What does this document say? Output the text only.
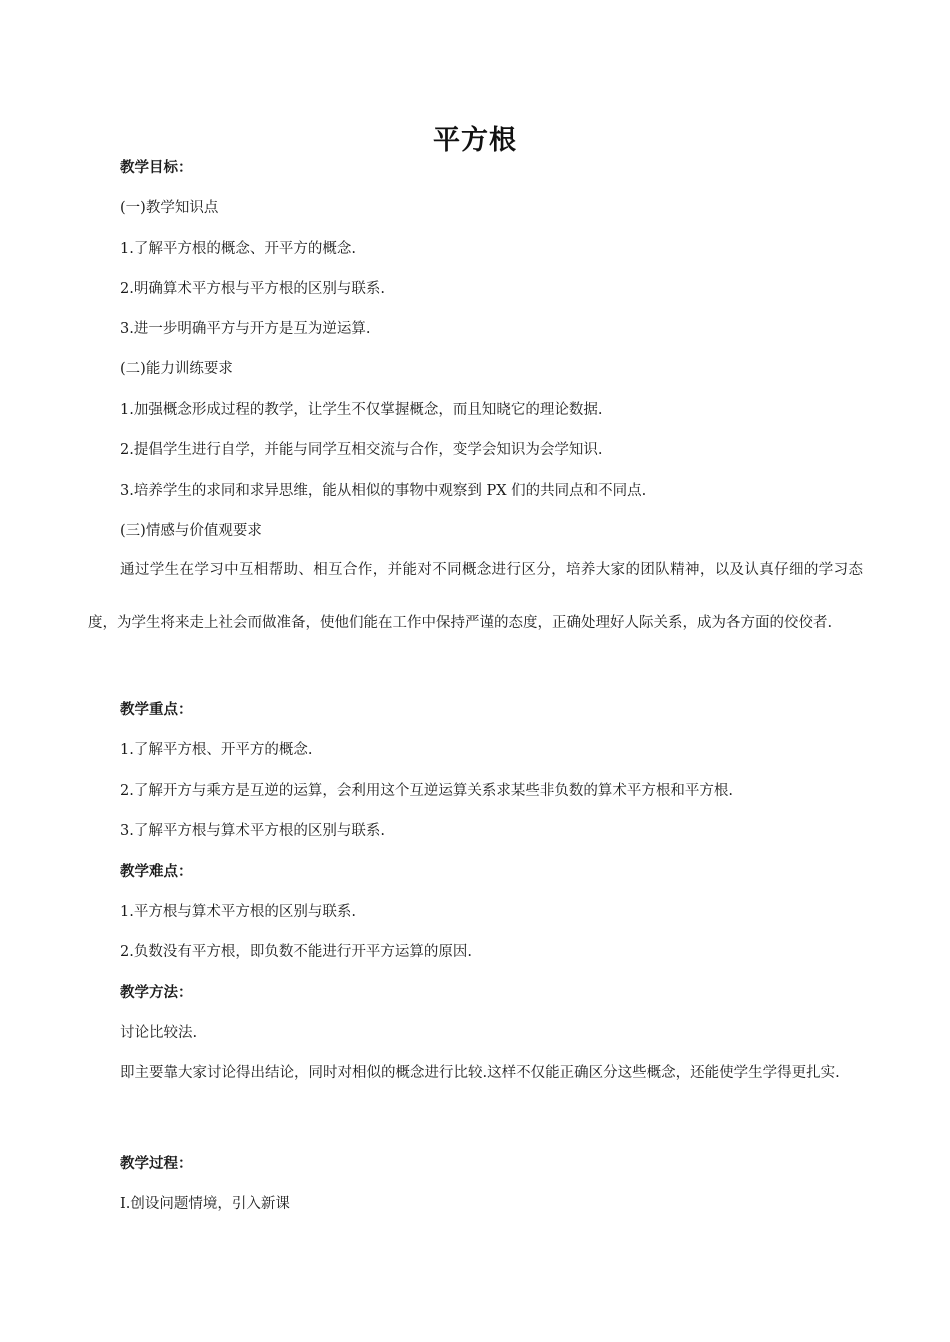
平方根
教学目标：
(一)教学知识点
1.了解平方根的概念、开平方的概念.
2.明确算术平方根与平方根的区别与联系.
3.进一步明确平方与开方是互为逆运算.
(二)能力训练要求
1.加强概念形成过程的教学，让学生不仅掌握概念，而且知晓它的理论数据.
2.提倡学生进行自学，并能与同学互相交流与合作，变学会知识为会学知识.
3.培养学生的求同和求异思维，能从相似的事物中观察到 PX 们的共同点和不同点.
(三)情感与价值观要求
通过学生在学习中互相帮助、相互合作，并能对不同概念进行区分，培养大家的团队精神，以及认真仔细的学习态度，为学生将来走上社会而做准备，使他们能在工作中保持严谨的态度，正确处理好人际关系，成为各方面的佼佼者.
教学重点：
1.了解平方根、开平方的概念.
2.了解开方与乘方是互逆的运算，会利用这个互逆运算关系求某些非负数的算术平方根和平方根.
3.了解平方根与算术平方根的区别与联系.
教学难点：
1.平方根与算术平方根的区别与联系.
2.负数没有平方根，即负数不能进行开平方运算的原因.
教学方法：
讨论比较法.
即主要靠大家讨论得出结论，同时对相似的概念进行比较.这样不仅能正确区分这些概念，还能使学生学得更扎实.
教学过程：
Ⅰ.创设问题情境，引入新课
